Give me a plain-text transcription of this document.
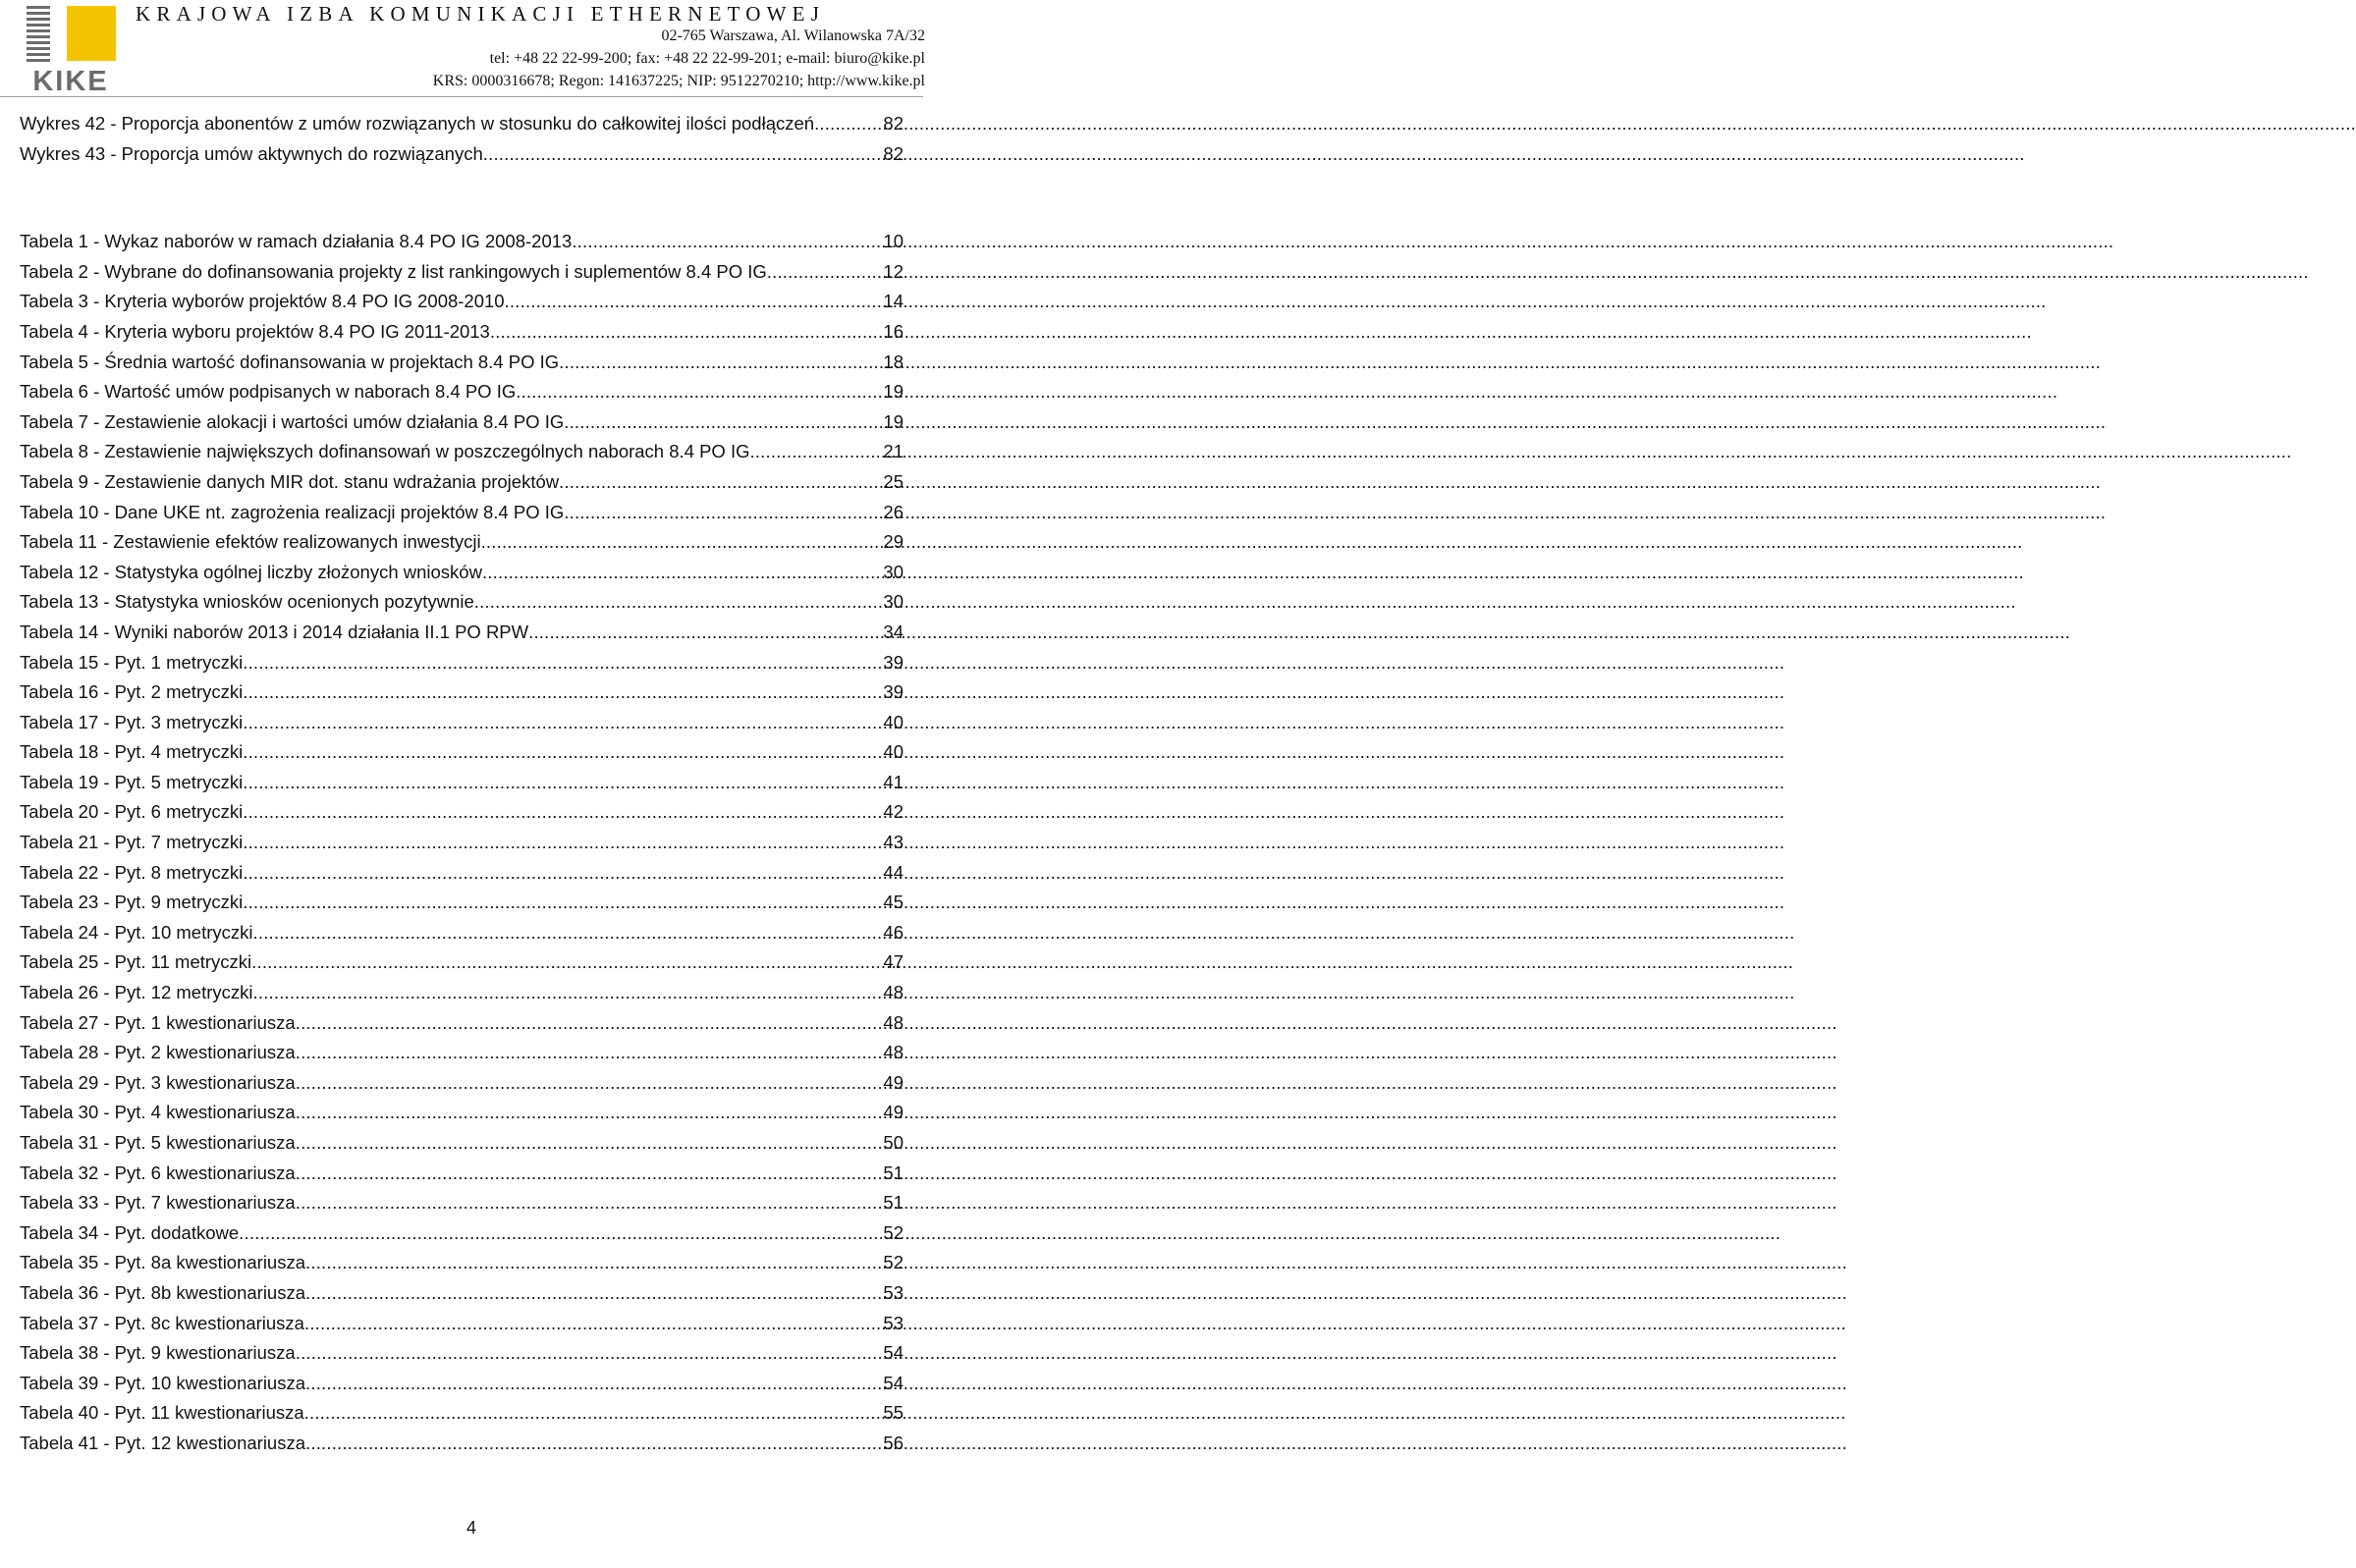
KIKE
KRAJOWA IZBA KOMUNIKACJI ETHERNETOWEJ
02-765 Warszawa, Al. Wilanowska 7A/32
tel: +48 22 22-99-200; fax: +48 22 22-99-201; e-mail: biuro@kike.pl
KRS: 0000316678; Regon: 141637225; NIP: 9512270210; http://www.kike.pl
Wykres 42 - Proporcja abonentów z umów rozwiązanych w stosunku do całkowitej ilości podłączeń .....	82
Wykres 43 - Proporcja umów aktywnych do rozwiązanych .....	82
Tabela 1 - Wykaz naborów w ramach działania 8.4 PO IG 2008-2013 .....	10
Tabela 2 - Wybrane do dofinansowania projekty z list rankingowych i suplementów 8.4 PO IG .....	12
Tabela 3 - Kryteria wyborów projektów 8.4 PO IG 2008-2010 .....	14
Tabela 4 - Kryteria wyboru projektów 8.4 PO IG 2011-2013 .....	16
Tabela 5 - Średnia wartość dofinansowania w projektach 8.4 PO IG .....	18
Tabela 6 - Wartość umów podpisanych w naborach 8.4 PO IG .....	19
Tabela 7 - Zestawienie alokacji i wartości umów działania 8.4 PO IG .....	19
Tabela 8 - Zestawienie największych dofinansowań w poszczególnych naborach 8.4 PO IG .....	21
Tabela 9 - Zestawienie danych MIR dot. stanu wdrażania projektów .....	25
Tabela 10 - Dane UKE nt. zagrożenia realizacji projektów 8.4 PO IG .....	26
Tabela 11 - Zestawienie efektów realizowanych inwestycji .....	29
Tabela 12 - Statystyka ogólnej liczby złożonych wniosków .....	30
Tabela 13 - Statystyka wniosków ocenionych pozytywnie .....	30
Tabela 14 - Wyniki naborów 2013 i 2014 działania II.1 PO RPW .....	34
Tabela 15 - Pyt. 1 metryczki .....	39
Tabela 16 - Pyt. 2 metryczki .....	39
Tabela 17 - Pyt. 3 metryczki .....	40
Tabela 18 - Pyt. 4 metryczki .....	40
Tabela 19 - Pyt. 5 metryczki .....	41
Tabela 20 - Pyt. 6 metryczki .....	42
Tabela 21 - Pyt. 7 metryczki .....	43
Tabela 22 - Pyt. 8 metryczki .....	44
Tabela 23 - Pyt. 9 metryczki .....	45
Tabela 24 - Pyt. 10 metryczki .....	46
Tabela 25 - Pyt. 11 metryczki .....	47
Tabela 26 - Pyt. 12 metryczki .....	48
Tabela 27 - Pyt. 1 kwestionariusza .....	48
Tabela 28 - Pyt. 2 kwestionariusza .....	48
Tabela 29 - Pyt. 3 kwestionariusza .....	49
Tabela 30 - Pyt. 4 kwestionariusza .....	49
Tabela 31 - Pyt. 5 kwestionariusza .....	50
Tabela 32 - Pyt. 6 kwestionariusza .....	51
Tabela 33 - Pyt. 7 kwestionariusza .....	51
Tabela 34 - Pyt. dodatkowe .....	52
Tabela 35 - Pyt. 8a kwestionariusza .....	52
Tabela 36 - Pyt. 8b kwestionariusza .....	53
Tabela 37 - Pyt. 8c kwestionariusza .....	53
Tabela 38 - Pyt. 9 kwestionariusza .....	54
Tabela 39 - Pyt. 10 kwestionariusza .....	54
Tabela 40 - Pyt. 11 kwestionariusza .....	55
Tabela 41 - Pyt. 12 kwestionariusza .....	56
4
